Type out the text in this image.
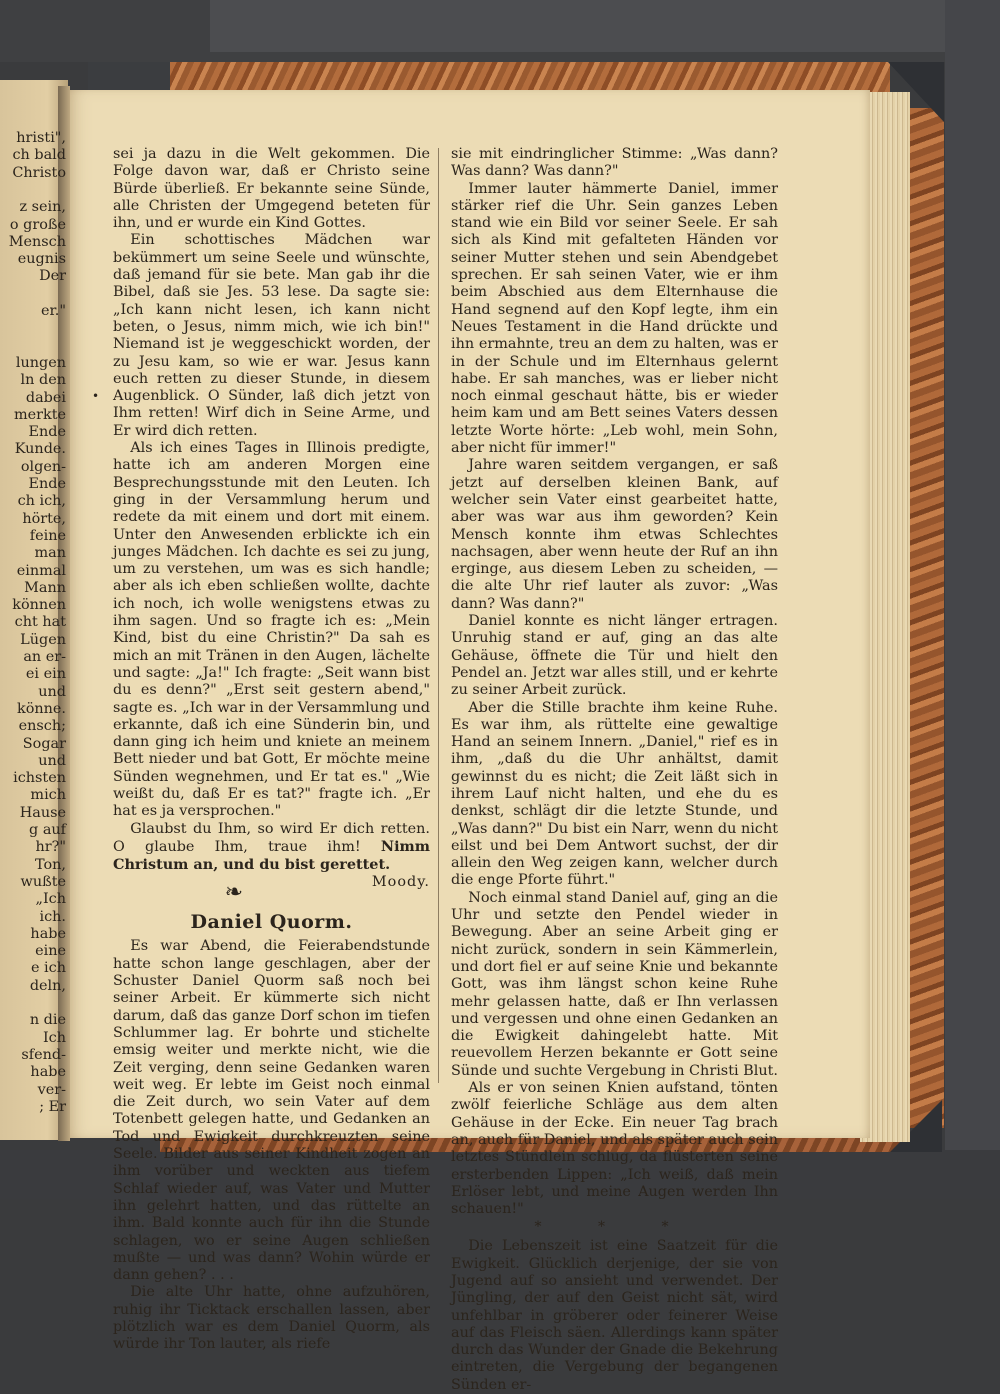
hristi",
ch bald
Christo
z sein,
o große
Mensch
eugnis
Der
er."
lungen
ln den
dabei
merkte
Ende
Kunde.
olgen-
Ende
ch ich,
hörte,
feine
man
einmal
Mann
können
cht hat
Lügen
an er-
ei ein
und
könne.
ensch;
Sogar
und
ichsten
mich
Hause
g auf
hr?"
Ton,
wußte
„Ich
ich.
habe
eine
e ich
deln,
n die
Ich
sfend-
habe
ver-
; Er
•

sei ja dazu in die Welt gekommen. Die Folge davon war, daß er Christo seine Bürde überließ. Er bekannte seine Sünde, alle Christen der Umgegend beteten für ihn, und er wurde ein Kind Gottes.

Ein schottisches Mädchen war bekümmert um seine Seele und wünschte, daß jemand für sie bete. Man gab ihr die Bibel, daß sie Jes. 53 lese. Da sagte sie: „Ich kann nicht lesen, ich kann nicht beten, o Jesus, nimm mich, wie ich bin!" Niemand ist je weggeschickt worden, der zu Jesu kam, so wie er war. Jesus kann euch retten zu dieser Stunde, in diesem Augenblick. O Sünder, laß dich jetzt von Ihm retten! Wirf dich in Seine Arme, und Er wird dich retten.

Als ich eines Tages in Illinois predigte, hatte ich am anderen Morgen eine Besprechungsstunde mit den Leuten. Ich ging in der Versammlung herum und redete da mit einem und dort mit einem. Unter den Anwesenden erblickte ich ein junges Mädchen. Ich dachte es sei zu jung, um zu verstehen, um was es sich handle; aber als ich eben schließen wollte, dachte ich noch, ich wolle wenigstens etwas zu ihm sagen. Und so fragte ich es: „Mein Kind, bist du eine Christin?" Da sah es mich an mit Tränen in den Augen, lächelte und sagte: „Ja!" Ich fragte: „Seit wann bist du es denn?" „Erst seit gestern abend," sagte es. „Ich war in der Versammlung und erkannte, daß ich eine Sünderin bin, und dann ging ich heim und kniete an meinem Bett nieder und bat Gott, Er möchte meine Sünden wegnehmen, und Er tat es." „Wie weißt du, daß Er es tat?" fragte ich. „Er hat es ja versprochen."

Glaubst du Ihm, so wird Er dich retten. O glaube Ihm, traue ihm! Nimm Christum an, und du bist gerettet.
Moody.

❧
Daniel Quorm.

Es war Abend, die Feierabendstunde hatte schon lange geschlagen, aber der Schuster Daniel Quorm saß noch bei seiner Arbeit. Er kümmerte sich nicht darum, daß das ganze Dorf schon im tiefen Schlummer lag. Er bohrte und stichelte emsig weiter und merkte nicht, wie die Zeit verging, denn seine Gedanken waren weit weg. Er lebte im Geist noch einmal die Zeit durch, wo sein Vater auf dem Totenbett gelegen hatte, und Gedanken an Tod und Ewigkeit durchkreuzten seine Seele. Bilder aus seiner Kindheit zogen an ihm vorüber und weckten aus tiefem Schlaf wieder auf, was Vater und Mutter ihn gelehrt hatten, und das rüttelte an ihm. Bald konnte auch für ihn die Stunde schlagen, wo er seine Augen schließen mußte — und was dann? Wohin würde er dann gehen? . . .

Die alte Uhr hatte, ohne aufzuhören, ruhig ihr Ticktack erschallen lassen, aber plötzlich war es dem Daniel Quorm, als würde ihr Ton lauter, als riefe

sie mit eindringlicher Stimme: „Was dann? Was dann? Was dann?"

Immer lauter hämmerte Daniel, immer stärker rief die Uhr. Sein ganzes Leben stand wie ein Bild vor seiner Seele. Er sah sich als Kind mit gefalteten Händen vor seiner Mutter stehen und sein Abendgebet sprechen. Er sah seinen Vater, wie er ihm beim Abschied aus dem Elternhause die Hand segnend auf den Kopf legte, ihm ein Neues Testament in die Hand drückte und ihn ermahnte, treu an dem zu halten, was er in der Schule und im Elternhaus gelernt habe. Er sah manches, was er lieber nicht noch einmal geschaut hätte, bis er wieder heim kam und am Bett seines Vaters dessen letzte Worte hörte: „Leb wohl, mein Sohn, aber nicht für immer!"

Jahre waren seitdem vergangen, er saß jetzt auf derselben kleinen Bank, auf welcher sein Vater einst gearbeitet hatte, aber was war aus ihm geworden? Kein Mensch konnte ihm etwas Schlechtes nachsagen, aber wenn heute der Ruf an ihn erginge, aus diesem Leben zu scheiden, — die alte Uhr rief lauter als zuvor: „Was dann? Was dann?"

Daniel konnte es nicht länger ertragen. Unruhig stand er auf, ging an das alte Gehäuse, öffnete die Tür und hielt den Pendel an. Jetzt war alles still, und er kehrte zu seiner Arbeit zurück.

Aber die Stille brachte ihm keine Ruhe. Es war ihm, als rüttelte eine gewaltige Hand an seinem Innern. „Daniel," rief es in ihm, „daß du die Uhr anhältst, damit gewinnst du es nicht; die Zeit läßt sich in ihrem Lauf nicht halten, und ehe du es denkst, schlägt dir die letzte Stunde, und „Was dann?" Du bist ein Narr, wenn du nicht eilst und bei Dem Antwort suchst, der dir allein den Weg zeigen kann, welcher durch die enge Pforte führt."

Noch einmal stand Daniel auf, ging an die Uhr und setzte den Pendel wieder in Bewegung. Aber an seine Arbeit ging er nicht zurück, sondern in sein Kämmerlein, und dort fiel er auf seine Knie und bekannte Gott, was ihm längst schon keine Ruhe mehr gelassen hatte, daß er Ihn verlassen und vergessen und ohne einen Gedanken an die Ewigkeit dahingelebt hatte. Mit reuevollem Herzen bekannte er Gott seine Sünde und suchte Vergebung in Christi Blut.

Als er von seinen Knien aufstand, tönten zwölf feierliche Schläge aus dem alten Gehäuse in der Ecke. Ein neuer Tag brach an, auch für Daniel, und als später auch sein letztes Stündlein schlug, da flüsterten seine ersterbenden Lippen: „Ich weiß, daß mein Erlöser lebt, und meine Augen werden Ihn schauen!"

* * *

Die Lebenszeit ist eine Saatzeit für die Ewigkeit. Glücklich derjenige, der sie von Jugend auf so ansieht und verwendet. Der Jüngling, der auf den Geist nicht sät, wird unfehlbar in gröberer oder feinerer Weise auf das Fleisch säen. Allerdings kann später durch das Wunder der Gnade die Bekehrung eintreten, die Vergebung der begangenen Sünden er-
